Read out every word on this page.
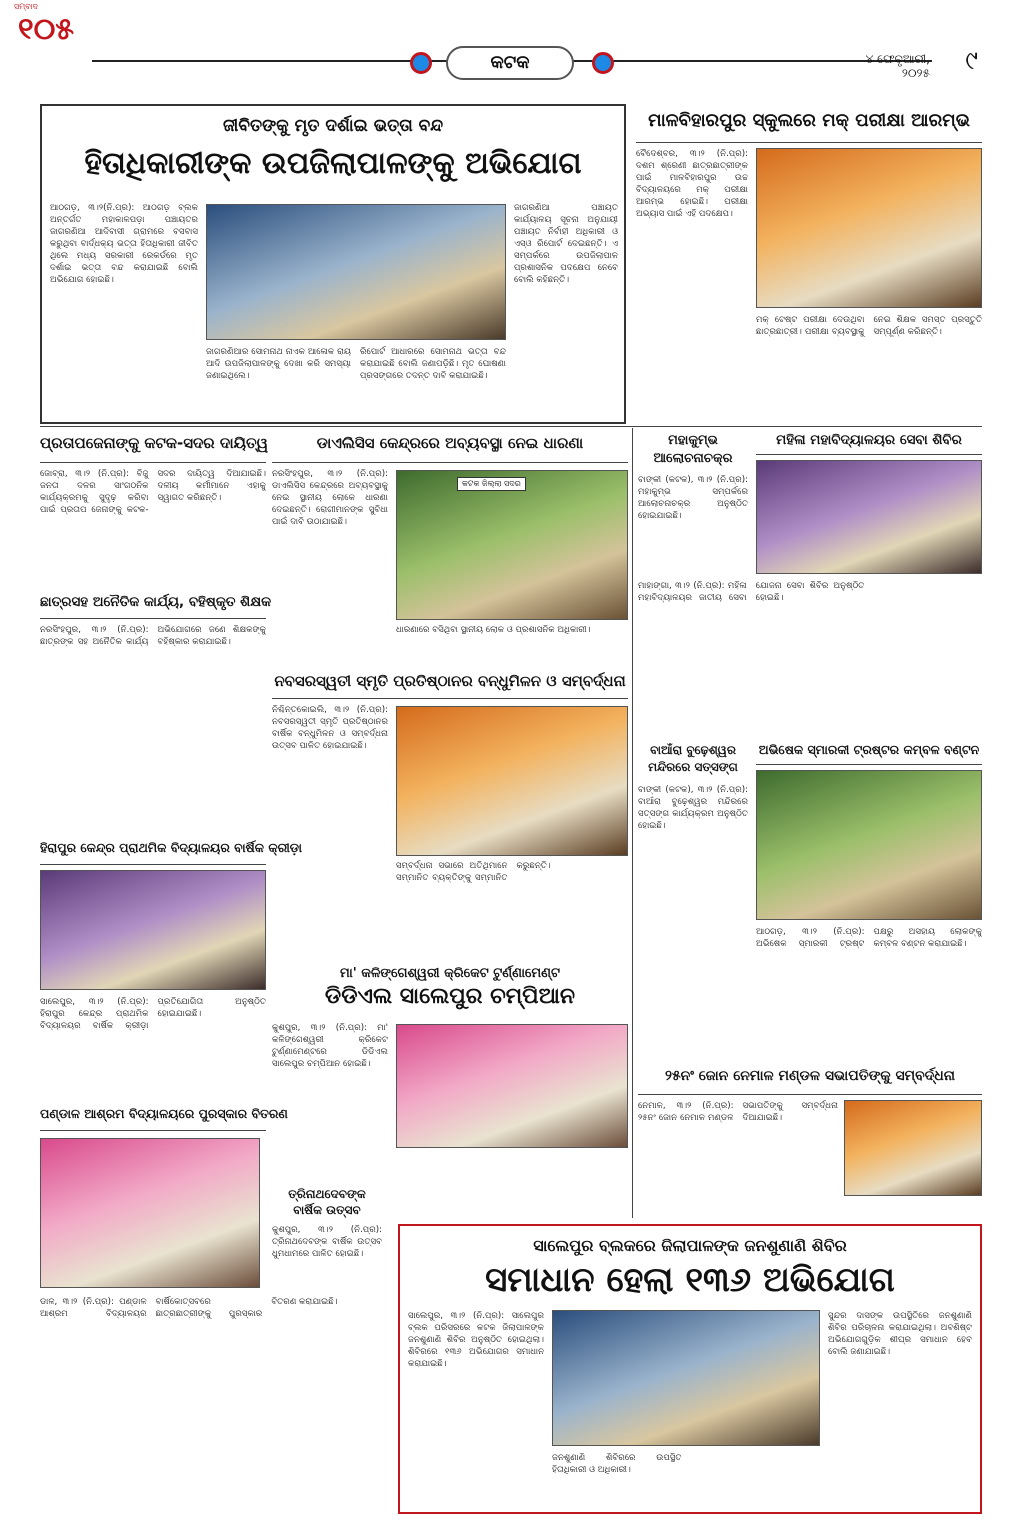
ସମ୍ବାଦ
୧୦୫
କଟକ	୪ ଫେବୃଆରୀ,
୨୦୨୫ ୯
ଜୀବିତଙ୍କୁ ମୃତ ଦର୍ଶାଇ ଭତ୍ତା ବନ୍ଦ
ହିତାଧିକାରୀଙ୍କ ଉପଜିଲାପାଳଙ୍କୁ ଅଭିଯୋଗ
ଆଠଗଡ଼, ୩।୨(ନି.ପ୍ର): ଆଠଗଡ଼ ବ୍ଲକ ଅନ୍ତର୍ଗତ ମହାକାଳପଡ଼ା ପଞ୍ଚାୟତର ଜାଗରଣିଆ ଆଦିବାସୀ ଗ୍ରାମରେ ବସବାସ କରୁଥିବା ବାର୍ଦ୍ଧକ୍ୟ ଭତ୍ତା ହିତାଧିକାରୀ ଜୀବିତ ଥିଲେ ମଧ୍ୟ ସରକାରୀ ରେକର୍ଡରେ ମୃତ ଦର୍ଶାଇ ଭତ୍ତା ବନ୍ଦ କରାଯାଇଛି ବୋଲି ଅଭିଯୋଗ ହୋଇଛି।
ଜାଗରଣିଆର ସୋମନାଥ ନାଏକ ଆଳୋକ ରାୟ ଆଦି ଉପଜିଲାପାଳଙ୍କୁ ଦେଖା କରି ସମସ୍ୟା ଜଣାଇଥିଲେ।
ରିପୋର୍ଟ ଆଧାରରେ ସୋମନାଥ ଭତ୍ତା ବନ୍ଦ କରାଯାଇଛି ବୋଲି ଜଣାପଡ଼ିଛି। ମୃତ ଘୋଷଣା ପ୍ରସଙ୍ଗରେ ତଦନ୍ତ ଦାବି କରାଯାଇଛି।
ଜାଗରଣିଆ ପଞ୍ଚାୟତ କାର୍ଯ୍ୟାଳୟ ସୂଚନା ଅନୁଯାୟୀ ପଞ୍ଚାୟତ ନିର୍ବାହୀ ଅଧିକାରୀ ଓ ଏସ୍‌ଓ ରିପୋର୍ଟ ଦେଇଛନ୍ତି। ଏ ସମ୍ପର୍କରେ ଉପଜିଲାପାଳ ପ୍ରଶାସନିକ ପଦକ୍ଷେପ ନେବେ ବୋଲି କହିଛନ୍ତି।
ମାଳବିହାରପୁର ସ୍କୁଲରେ ମକ୍‌ ପରୀକ୍ଷା ଆରମ୍ଭ
ବୈଦେଶ୍ବର, ୩।୨ (ନି.ପ୍ର): ଦଶମ ଶ୍ରେଣୀ ଛାତ୍ରଛାତ୍ରୀଙ୍କ ପାଇଁ ମାଳବିହାରପୁର ଉଚ୍ଚ ବିଦ୍ୟାଳୟରେ ମକ୍‌ ପରୀକ୍ଷା ଆରମ୍ଭ ହୋଇଛି। ପରୀକ୍ଷା ଅଭ୍ୟାସ ପାଇଁ ଏହି ପଦକ୍ଷେପ।
ମକ୍‌ ଟେଷ୍ଟ ପରୀକ୍ଷା ଦେଉଥିବା ଛାତ୍ରଛାତ୍ରୀ। ପରୀକ୍ଷା ବ୍ୟବସ୍ଥାକୁ ନେଇ ଶିକ୍ଷକ ସମସ୍ତ ପ୍ରସ୍ତୁତି ସମ୍ପୂର୍ଣ୍ଣ କରିଛନ୍ତି।
ପ୍ରତାପଜେନାଙ୍କୁ କଟକ-ସଦର ଦାୟିତ୍ୱ
ଜୋବ୍ରା, ୩।୨ (ନି.ପ୍ର): ବିଜୁ ଜନତା ଦଳର ସାଂଗଠନିକ କାର୍ଯ୍ୟକ୍ରମକୁ ସୁଦୃଢ଼ କରିବା ପାଇଁ ପ୍ରତାପ ଜେନାଙ୍କୁ କଟକ-ସଦର ଦାୟିତ୍ୱ ଦିଆଯାଇଛି। ଦଳୀୟ କର୍ମୀମାନେ ଏହାକୁ ସ୍ୱାଗତ କରିଛନ୍ତି।
ଡାଏଲିସିସ କେନ୍ଦ୍ରରେ ଅବ୍ୟବସ୍ଥା ନେଇ ଧାରଣା
ନରସିଂହପୁର, ୩।୨ (ନି.ପ୍ର): ଡାଏଲିସିସ କେନ୍ଦ୍ରରେ ଅବ୍ୟବସ୍ଥାକୁ ନେଇ ସ୍ଥାନୀୟ ଲୋକେ ଧାରଣା ଦେଇଛନ୍ତି। ରୋଗୀମାନଙ୍କ ସୁବିଧା ପାଇଁ ଦାବି ଉଠାଯାଇଛି।
କଟକ ଜିଲ୍ଲା ସଦର
ଧାରଣାରେ ବସିଥିବା ସ୍ଥାନୀୟ ଲୋକ ଓ ପ୍ରଶାସନିକ ଅଧିକାରୀ।
ଛାତ୍ରସହ ଅନୈତିକ କାର୍ଯ୍ୟ, ବହିଷ୍କୃତ ଶିକ୍ଷକ
ନରସିଂହପୁର, ୩।୨ (ନି.ପ୍ର): ଛାତ୍ରଙ୍କ ସହ ଅନୈତିକ କାର୍ଯ୍ୟ ଅଭିଯୋଗରେ ଜଣେ ଶିକ୍ଷକଙ୍କୁ ବହିଷ୍କାର କରାଯାଇଛି।
ନବସରସ୍ୱତୀ ସ୍ମୃତି ପ୍ରତିଷ୍ଠାନର ବନ୍ଧୁମିଳନ ଓ ସମ୍ବର୍ଦ୍ଧନା
ନିଶ୍ଚିନ୍ତକୋଇଲି, ୩।୨ (ନି.ପ୍ର): ନବସରସ୍ୱତୀ ସ୍ମୃତି ପ୍ରତିଷ୍ଠାନର ବାର୍ଷିକ ବନ୍ଧୁମିଳନ ଓ ସମ୍ବର୍ଦ୍ଧନା ଉତ୍ସବ ପାଳିତ ହୋଇଯାଇଛି।
ସମ୍ବର୍ଦ୍ଧନା ସଭାରେ ଅତିଥିମାନେ ସମ୍ମାନିତ ବ୍ୟକ୍ତିଙ୍କୁ ସମ୍ମାନିତ କରୁଛନ୍ତି।
ହିରାପୁର କେନ୍ଦ୍ର ପ୍ରାଥମିକ ବିଦ୍ୟାଳୟର ବାର୍ଷିକ କ୍ରୀଡ଼ା
ସାଲେପୁର, ୩।୨ (ନି.ପ୍ର): ହିରାପୁର କେନ୍ଦ୍ର ପ୍ରାଥମିକ ବିଦ୍ୟାଳୟର ବାର୍ଷିକ କ୍ରୀଡ଼ା ପ୍ରତିଯୋଗିତା ଅନୁଷ୍ଠିତ ହୋଇଯାଇଛି।
ମା' କଳିଙ୍ଗେଶ୍ୱରୀ କ୍ରିକେଟ ଟୁର୍ଣ୍ଣାମେଣ୍ଟ
ଡିଡିଏଲ ସାଲେପୁର ଚମ୍ପିଆନ
କୁଶପୁର, ୩।୨ (ନି.ପ୍ର): ମା' କଳିଙ୍ଗେଶ୍ୱରୀ କ୍ରିକେଟ ଟୁର୍ଣ୍ଣାମେଣ୍ଟରେ ଡିଡିଏଲ ସାଲେପୁର ଚମ୍ପିଆନ ହୋଇଛି।
ପଣ୍ଡାଳ ଆଶ୍ରମ ବିଦ୍ୟାଳୟରେ ପୁରସ୍କାର ବିତରଣ
ଡାଳ, ୩।୨ (ନି.ପ୍ର): ପଣ୍ଡାଳ ଆଶ୍ରମ ବିଦ୍ୟାଳୟର ବାର୍ଷିକୋତ୍ସବରେ ଛାତ୍ରଛାତ୍ରୀଙ୍କୁ ପୁରସ୍କାର ବିତରଣ କରାଯାଇଛି।
ତ୍ରିନାଥଦେବଙ୍କ ବାର୍ଷିକ ଉତ୍ସବ
କୁଶପୁର, ୩।୨ (ନି.ପ୍ର): ତ୍ରିନାଥଦେବଙ୍କ ବାର୍ଷିକ ଉତ୍ସବ ଧୁମଧାମରେ ପାଳିତ ହୋଇଛି।
ମହାକୁମ୍ଭ ଆଲୋଚନାଚକ୍ର
ବାଙ୍କୀ (କଟକ), ୩।୨ (ନି.ପ୍ର): ମହାକୁମ୍ଭ ସମ୍ପର୍କରେ ଆଲୋଚନାଚକ୍ର ଅନୁଷ୍ଠିତ ହୋଇଯାଇଛି।
ମହିଳା ମହାବିଦ୍ୟାଳୟର ସେବା ଶିବିର
ମାହାଙ୍ଗା, ୩।୨ (ନି.ପ୍ର): ମହିଳା ମହାବିଦ୍ୟାଳୟର ଜାତୀୟ ସେବା ଯୋଜନା ସେବା ଶିବିର ଅନୁଷ୍ଠିତ ହୋଇଛି।
ବାଆଁରା ବୁଢ଼େଶ୍ୱର ମନ୍ଦିରରେ ସତ୍ସଙ୍ଗ
ବାଙ୍କୀ (କଟକ), ୩।୨ (ନି.ପ୍ର): ବାଆଁରା ବୁଢ଼େଶ୍ୱର ମନ୍ଦିରରେ ସତ୍ସଙ୍ଗ କାର୍ଯ୍ୟକ୍ରମ ଅନୁଷ୍ଠିତ ହୋଇଛି।
ଅଭିଷେକ ସ୍ମାରକୀ ଟ୍ରଷ୍ଟର କମ୍ବଳ ବଣ୍ଟନ
ଆଠଗଡ଼, ୩।୨ (ନି.ପ୍ର): ଅଭିଷେକ ସ୍ମାରକୀ ଟ୍ରଷ୍ଟ ପକ୍ଷରୁ ଅସହାୟ ଲୋକଙ୍କୁ କମ୍ବଳ ବଣ୍ଟନ କରାଯାଇଛି।
୨୫ନଂ ଜୋନ ନେମାଳ ମଣ୍ଡଳ ସଭାପତିଙ୍କୁ ସମ୍ବର୍ଦ୍ଧନା
ନେମାଳ, ୩।୨ (ନି.ପ୍ର): ୨୫ନଂ ଜୋନ ନେମାଳ ମଣ୍ଡଳ ସଭାପତିଙ୍କୁ ସମ୍ବର୍ଦ୍ଧନା ଦିଆଯାଇଛି।
ସାଲେପୁର ବ୍ଲକରେ ଜିଲାପାଳଙ୍କ ଜନଶୁଣାଣି ଶିବିର
ସମାଧାନ ହେଲା ୧୩୬ ଅଭିଯୋଗ
ସାଲେପୁର, ୩।୨ (ନି.ପ୍ର): ସାଲେପୁର ବ୍ଲକ ପରିସରରେ କଟକ ଜିଲାପାଳଙ୍କ ଜନଶୁଣାଣି ଶିବିର ଅନୁଷ୍ଠିତ ହୋଇଥିଲା। ଶିବିରରେ ୧୩୬ ଅଭିଯୋଗର ସମାଧାନ କରାଯାଇଛି।
ଜନଶୁଣାଣି ଶିବିରରେ ଉପସ୍ଥିତ ହିତାଧିକାରୀ ଓ ଅଧିକାରୀ।
ସୁନ୍ଦର ଦାସଙ୍କ ଉପସ୍ଥିତିରେ ଜନଶୁଣାଣି ଶିବିର ପରିଚାଳନା କରାଯାଇଥିଲା। ଅବଶିଷ୍ଟ ଅଭିଯୋଗଗୁଡ଼ିକ ଶୀଘ୍ର ସମାଧାନ ହେବ ବୋଲି ଜଣାଯାଇଛି।
